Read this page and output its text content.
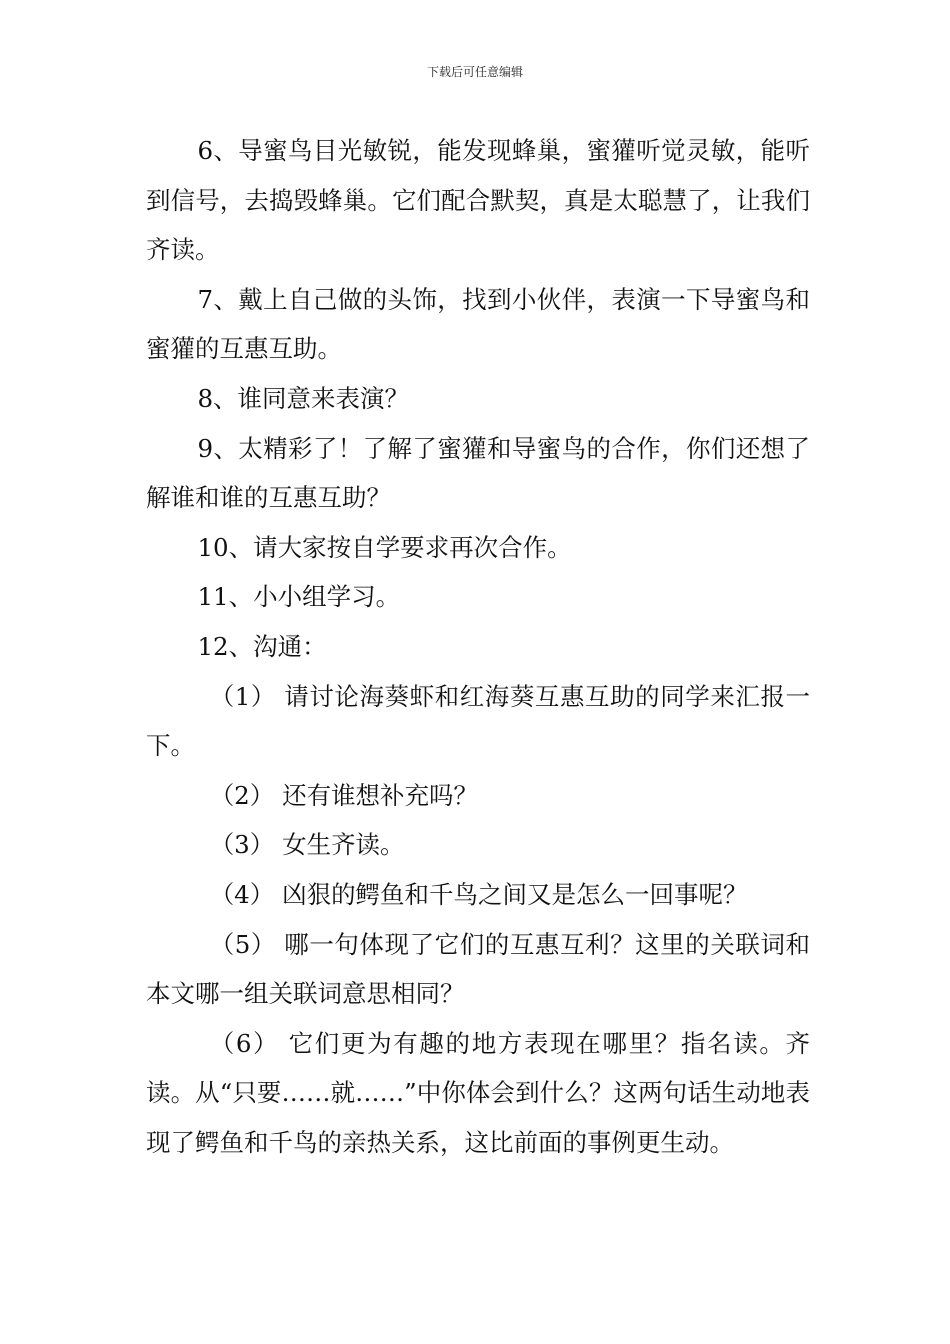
下载后可任意编辑

6、导蜜鸟目光敏锐，能发现蜂巢，蜜獾听觉灵敏，能听到信号，去捣毁蜂巢。它们配合默契，真是太聪慧了，让我们齐读。

7、戴上自己做的头饰，找到小伙伴，表演一下导蜜鸟和蜜獾的互惠互助。

8、谁同意来表演？

9、太精彩了！了解了蜜獾和导蜜鸟的合作，你们还想了解谁和谁的互惠互助？

10、请大家按自学要求再次合作。

11、小小组学习。

12、沟通：

（1） 请讨论海葵虾和红海葵互惠互助的同学来汇报一下。

（2） 还有谁想补充吗？

（3） 女生齐读。

（4） 凶狠的鳄鱼和千鸟之间又是怎么一回事呢？

（5） 哪一句体现了它们的互惠互利？这里的关联词和本文哪一组关联词意思相同？

（6） 它们更为有趣的地方表现在哪里？指名读。齐读。从“只要……就……”中你体会到什么？这两句话生动地表现了鳄鱼和千鸟的亲热关系，这比前面的事例更生动。
